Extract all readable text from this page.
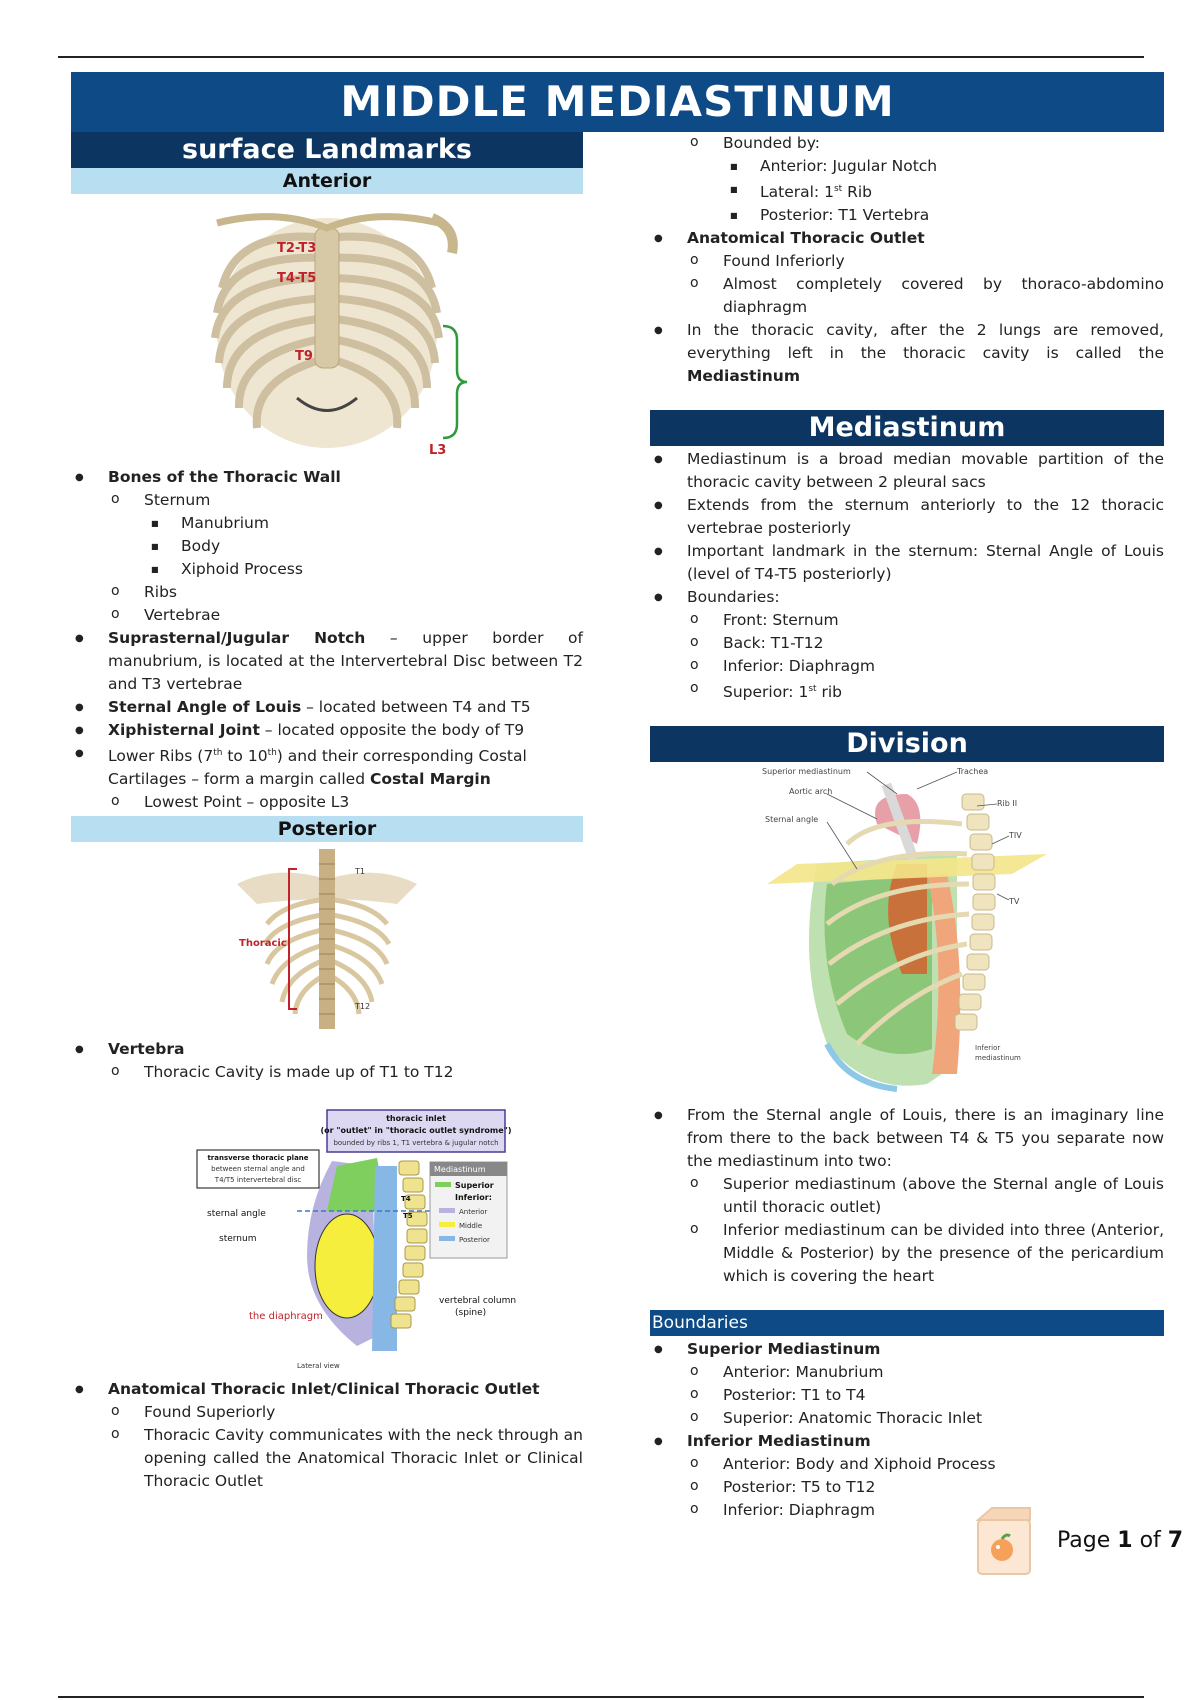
MIDDLE MEDIASTINUM
surface Landmarks
Anterior
T2-T3
T4-T5
T9
L3
● Bones of the Thoracic Wall
o Sternum
■ Manubrium
■ Body
■ Xiphoid Process
o Ribs
o Vertebrae
● Suprasternal/Jugular Notch – upper border of manubrium, is located at the Intervertebral Disc between T2 and T3 vertebrae
● Sternal Angle of Louis – located between T4 and T5
● Xiphisternal Joint – located opposite the body of T9
● Lower Ribs (7th to 10th) and their corresponding Costal Cartilages – form a margin called Costal Margin
o Lowest Point – opposite L3
Posterior
Thoracic
T1
T12
● Vertebra
o Thoracic Cavity is made up of T1 to T12
thoracic inlet
(or "outlet" in "thoracic outlet syndrome")
bounded by ribs 1, T1 vertebra & jugular notch
transverse thoracic plane
between sternal angle and
T4/T5 intervertebral disc
T4
T5
sternal angle
sternum
the diaphragm
vertebral column
(spine)
Lateral view
Mediastinum
Superior
Inferior:
Anterior
Middle
Posterior
● Anatomical Thoracic Inlet/Clinical Thoracic Outlet
o Found Superiorly
o Thoracic Cavity communicates with the neck through an opening called the Anatomical Thoracic Inlet or Clinical Thoracic Outlet
o Bounded by:
■ Anterior: Jugular Notch
■ Lateral: 1st Rib
■ Posterior: T1 Vertebra
● Anatomical Thoracic Outlet
o Found Inferiorly
o Almost completely covered by thoraco-abdomino diaphragm
● In the thoracic cavity, after the 2 lungs are removed, everything left in the thoracic cavity is called the Mediastinum
Mediastinum
● Mediastinum is a broad median movable partition of the thoracic cavity between 2 pleural sacs
● Extends from the sternum anteriorly to the 12 thoracic vertebrae posteriorly
● Important landmark in the sternum: Sternal Angle of Louis (level of T4-T5 posteriorly)
● Boundaries:
o Front: Sternum
o Back: T1-T12
o Inferior: Diaphragm
o Superior: 1st rib
Division
Superior mediastinum	Trachea
Aortic arch
Rib II
Sternal angle
TIV
TV
Inferior
mediastinum
● From the Sternal angle of Louis, there is an imaginary line from there to the back between T4 & T5 you separate now the mediastinum into two:
o Superior mediastinum (above the Sternal angle of Louis until thoracic outlet)
o Inferior mediastinum can be divided into three (Anterior, Middle & Posterior) by the presence of the pericardium which is covering the heart
Boundaries
● Superior Mediastinum
o Anterior: Manubrium
o Posterior: T1 to T4
o Superior: Anatomic Thoracic Inlet
● Inferior Mediastinum
o Anterior: Body and Xiphoid Process
o Posterior: T5 to T12
o Inferior: Diaphragm
Page 1 of 7
